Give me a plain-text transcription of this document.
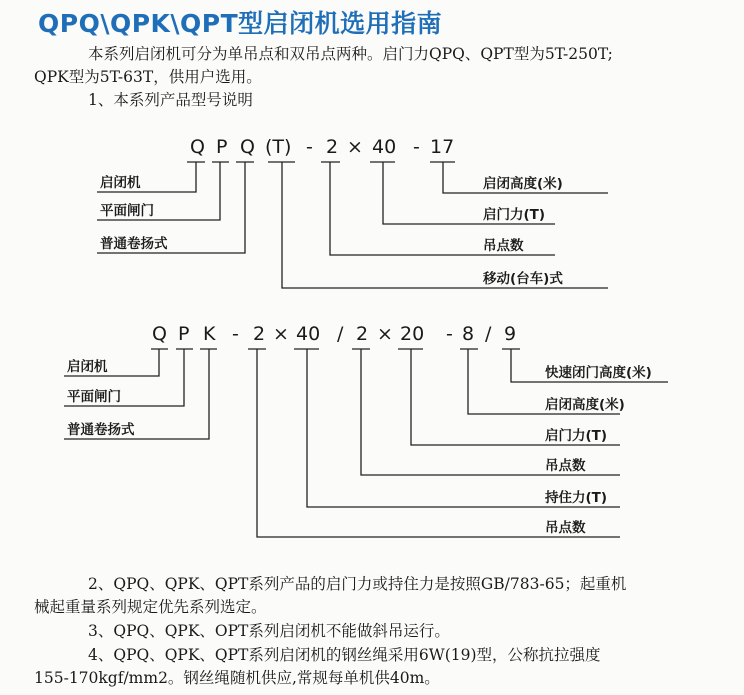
QPQ\QPK\QPT型启闭机选用指南
本系列启闭机可分为单吊点和双吊点两种。启门力QPQ、QPT型为5T-250T;
QPK型为5T-63T，供用户选用。
1、本系列产品型号说明
Q P Q (T) - 2 × 40 - 17
启闭机
平面闸门
普通卷扬式
启闭高度(米)
启门力(T)
吊点数
移动(台车)式
Q P K - 2 × 40 / 2 × 20 - 8 / 9
启闭机
平面闸门
普通卷扬式
快速闭门高度(米)
启闭高度(米)
启门力(T)
吊点数
持住力(T)
吊点数
2、QPQ、QPK、QPT系列产品的启门力或持住力是按照GB/783-65；起重机
械起重量系列规定优先系列选定。
3、QPQ、QPK、OPT系列启闭机不能做斜吊运行。
4、QPQ、QPK、QPT系列启闭机的钢丝绳采用6W(19)型，公称抗拉强度
155-170kgf/mm2。钢丝绳随机供应,常规每单机供40m。
